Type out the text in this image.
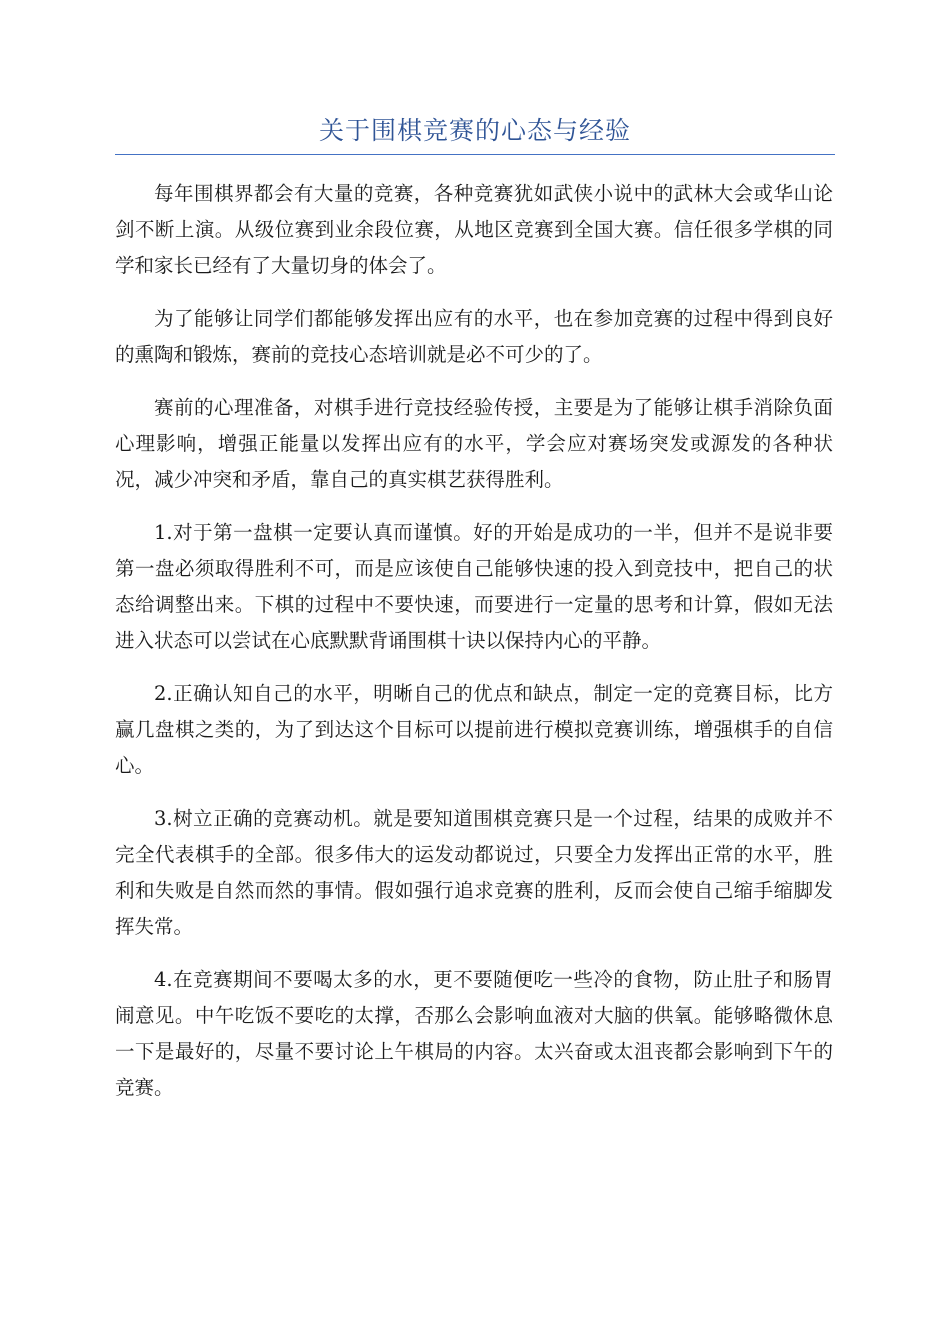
关于围棋竞赛的心态与经验

每年围棋界都会有大量的竞赛，各种竞赛犹如武侠小说中的武林大会或华山论剑不断上演。从级位赛到业余段位赛，从地区竞赛到全国大赛。信任很多学棋的同学和家长已经有了大量切身的体会了。

为了能够让同学们都能够发挥出应有的水平，也在参加竞赛的过程中得到良好的熏陶和锻炼，赛前的竞技心态培训就是必不可少的了。

赛前的心理准备，对棋手进行竞技经验传授，主要是为了能够让棋手消除负面心理影响，增强正能量以发挥出应有的水平，学会应对赛场突发或源发的各种状况，减少冲突和矛盾，靠自己的真实棋艺获得胜利。

1.对于第一盘棋一定要认真而谨慎。好的开始是成功的一半，但并不是说非要第一盘必须取得胜利不可，而是应该使自己能够快速的投入到竞技中，把自己的状态给调整出来。下棋的过程中不要快速，而要进行一定量的思考和计算，假如无法进入状态可以尝试在心底默默背诵围棋十诀以保持内心的平静。

2.正确认知自己的水平，明晰自己的优点和缺点，制定一定的竞赛目标，比方赢几盘棋之类的，为了到达这个目标可以提前进行模拟竞赛训练，增强棋手的自信心。

3.树立正确的竞赛动机。就是要知道围棋竞赛只是一个过程，结果的成败并不完全代表棋手的全部。很多伟大的运发动都说过，只要全力发挥出正常的水平，胜利和失败是自然而然的事情。假如强行追求竞赛的胜利，反而会使自己缩手缩脚发挥失常。

4.在竞赛期间不要喝太多的水，更不要随便吃一些冷的食物，防止肚子和肠胃闹意见。中午吃饭不要吃的太撑，否那么会影响血液对大脑的供氧。能够略微休息一下是最好的，尽量不要讨论上午棋局的内容。太兴奋或太沮丧都会影响到下午的竞赛。
